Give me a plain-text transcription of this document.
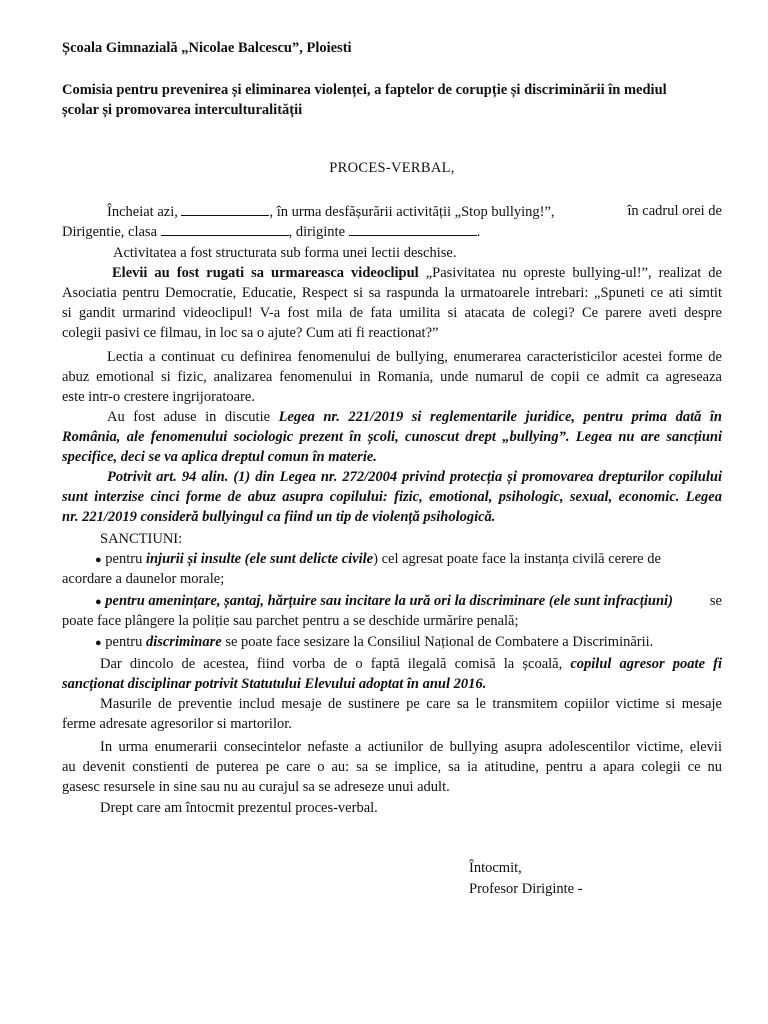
Școala Gimnazială „Nicolae Balcescu”, Ploiesti
Comisia pentru prevenirea și eliminarea violenței, a faptelor de corupție și discriminării în mediul
școlar și promovarea interculturalității
PROCES-VERBAL,
Încheiat azi,	, în urma desfășurării activității „Stop bullying!”,	în cadrul orei de
Dirigentie, clasa	, diriginte	.
Activitatea a fost structurata sub forma unei lectii deschise.
Elevii au fost rugati sa urmareasca videoclipul „Pasivitatea nu opreste bullying-ul!”, realizat de
Asociatia pentru Democratie, Educatie, Respect si sa raspunda la urmatoarele intrebari: „Spuneti ce ati simtit
si gandit urmarind videoclipul! V-a fost mila de fata umilita si atacata de colegi? Ce parere aveti despre
colegii pasivi ce filmau, in loc sa o ajute? Cum ati fi reactionat?”
Lectia a continuat cu definirea fenomenului de bullying, enumerarea caracteristicilor acestei forme de
abuz emotional si fizic, analizarea fenomenului in Romania, unde numarul de copii ce admit ca agreseaza
este intr-o crestere ingrijoratoare.
Au fost aduse in discutie Legea nr. 221/2019 si reglementarile juridice, pentru prima dată în
România, ale fenomenului sociologic prezent în școli, cunoscut drept „bullying”. Legea nu are sancțiuni
specifice, deci se va aplica dreptul comun în materie.
Potrivit art. 94 alin. (1) din Legea nr. 272/2004 privind protecția și promovarea drepturilor copilului
sunt interzise cinci forme de abuz asupra copilului: fizic, emotional, psihologic, sexual, economic. Legea
nr. 221/2019 consideră bullyingul ca fiind un tip de violență psihologică.
SANCTIUNI:
● pentru injurii și insulte (ele sunt delicte civile) cel agresat poate face la instanța civilă cerere de
acordare a daunelor morale;
● pentru amenințare, șantaj, hărțuire sau incitare la ură ori la discriminare (ele sunt infracțiuni)	se
poate face plângere la poliție sau parchet pentru a se deschide urmărire penală;
● pentru discriminare se poate face sesizare la Consiliul Național de Combatere a Discriminării.
Dar dincolo de acestea, fiind vorba de o faptă ilegală comisă la școală, copilul agresor poate fi
sancționat disciplinar potrivit Statutului Elevului adoptat în anul 2016.
Masurile de preventie includ mesaje de sustinere pe care sa le transmitem copiilor victime si mesaje
ferme adresate agresorilor si martorilor.
In urma enumerarii consecintelor nefaste a actiunilor de bullying asupra adolescentilor victime, elevii
au devenit constienti de puterea pe care o au: sa se implice, sa ia atitudine, pentru a apara colegii ce nu
gasesc resursele in sine sau nu au curajul sa se adreseze unui adult.
Drept care am întocmit prezentul proces-verbal.
Întocmit,
Profesor Diriginte -
